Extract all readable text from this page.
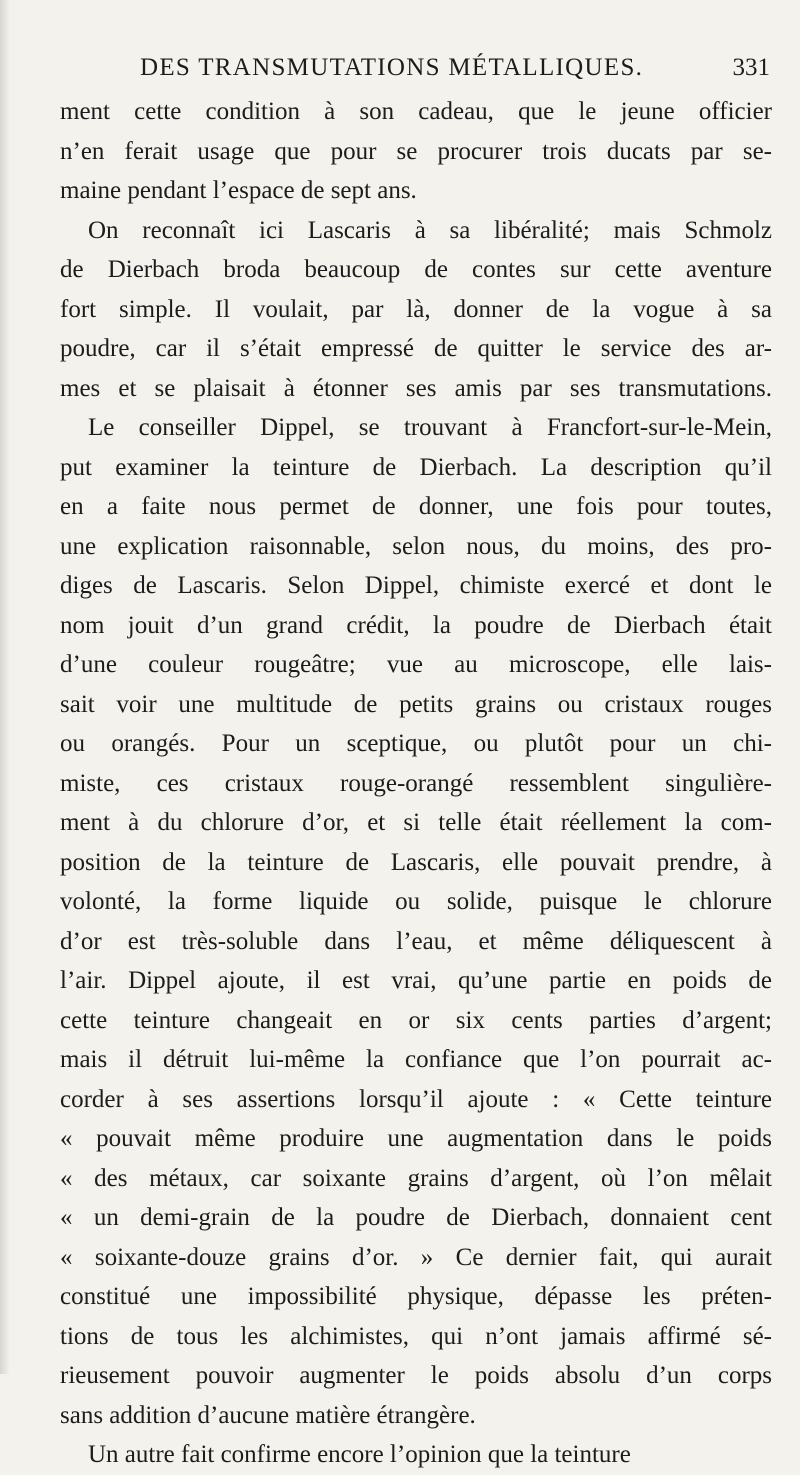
DES TRANSMUTATIONS MÉTALLIQUES.	331
ment cette condition à son cadeau, que le jeune officier
n’en ferait usage que pour se procurer trois ducats par se-
maine pendant l’espace de sept ans.
On reconnaît ici Lascaris à sa libéralité; mais Schmolz
de Dierbach broda beaucoup de contes sur cette aventure
fort simple. Il voulait, par là, donner de la vogue à sa
poudre, car il s’était empressé de quitter le service des ar-
mes et se plaisait à étonner ses amis par ses transmutations.
Le conseiller Dippel, se trouvant à Francfort-sur-le-Mein,
put examiner la teinture de Dierbach. La description qu’il
en a faite nous permet de donner, une fois pour toutes,
une explication raisonnable, selon nous, du moins, des pro-
diges de Lascaris. Selon Dippel, chimiste exercé et dont le
nom jouit d’un grand crédit, la poudre de Dierbach était
d’une couleur rougeâtre; vue au microscope, elle lais-
sait voir une multitude de petits grains ou cristaux rouges
ou orangés. Pour un sceptique, ou plutôt pour un chi-
miste, ces cristaux rouge-orangé ressemblent singulière-
ment à du chlorure d’or, et si telle était réellement la com-
position de la teinture de Lascaris, elle pouvait prendre, à
volonté, la forme liquide ou solide, puisque le chlorure
d’or est très-soluble dans l’eau, et même déliquescent à
l’air. Dippel ajoute, il est vrai, qu’une partie en poids de
cette teinture changeait en or six cents parties d’argent;
mais il détruit lui-même la confiance que l’on pourrait ac-
corder à ses assertions lorsqu’il ajoute : « Cette teinture
« pouvait même produire une augmentation dans le poids
« des métaux, car soixante grains d’argent, où l’on mêlait
« un demi-grain de la poudre de Dierbach, donnaient cent
« soixante-douze grains d’or. » Ce dernier fait, qui aurait
constitué une impossibilité physique, dépasse les préten-
tions de tous les alchimistes, qui n’ont jamais affirmé sé-
rieusement pouvoir augmenter le poids absolu d’un corps
sans addition d’aucune matière étrangère.
Un autre fait confirme encore l’opinion que la teinture
